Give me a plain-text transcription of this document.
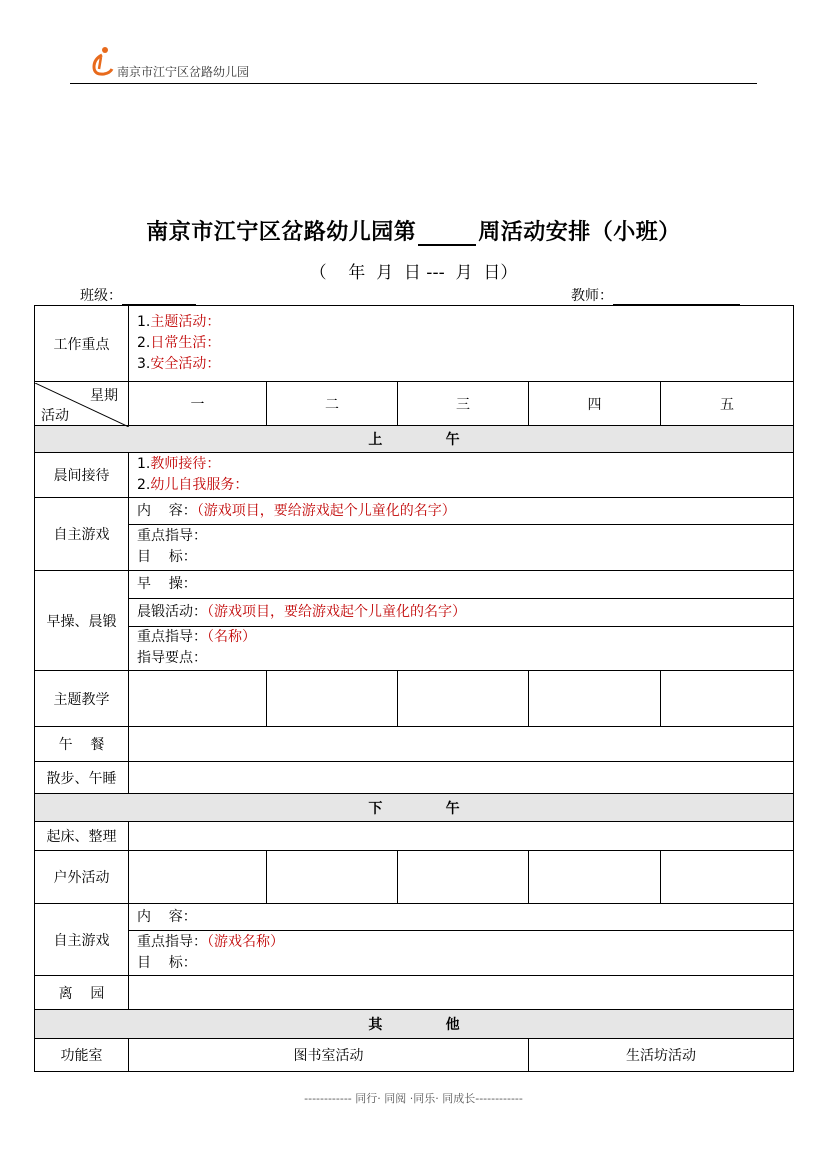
南京市江宁区岔路幼儿园
南京市江宁区岔路幼儿园第	周活动安排（小班）
（    年  月  日 ---  月  日）
班级：	教师：
工作重点	1.主题活动：
2.日常生活：
3.安全活动：				

星期
活动	一	二	三	四	五
上             午					
晨间接待	1.教师接待：
2.幼儿自我服务：				

自主游戏	内    容：（游戏项目，要给游戏起个儿童化的名字）
重点指导：
目    标：				

早操、晨锻	早    操：
晨锻活动：（游戏项目，要给游戏起个儿童化的名字）
重点指导：（名称）
指导要点：				

主题教学					
午    餐					
散步、午睡					
下             午					
起床、整理					
户外活动					
自主游戏	内    容：
重点指导：（游戏名称）
目    标：				

离    园					
其             他					
功能室	图书室活动			生活坊活动	
------------ 同行· 同阅 ·同乐· 同成长------------
